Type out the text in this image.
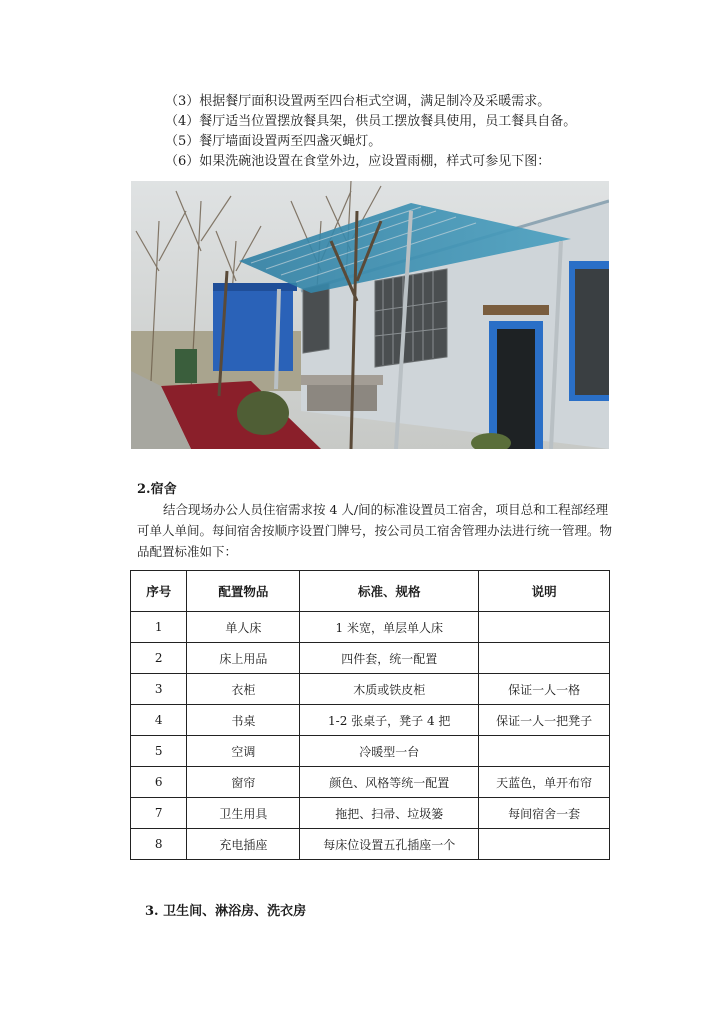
（3）根据餐厅面积设置两至四台柜式空调，满足制冷及采暖需求。
（4）餐厅适当位置摆放餐具架，供员工摆放餐具使用，员工餐具自备。
（5）餐厅墙面设置两至四盏灭蝇灯。
（6）如果洗碗池设置在食堂外边，应设置雨棚，样式可参见下图：
2.宿舍
结合现场办公人员住宿需求按 4 人/间的标准设置员工宿舍，项目总和工程部经理
可单人单间。每间宿舍按顺序设置门牌号，按公司员工宿舍管理办法进行统一管理。物
品配置标准如下：
序号	配置物品	标准、规格	说明
1	单人床	1 米宽，单层单人床	
2	床上用品	四件套，统一配置	
3	衣柜	木质或铁皮柜	保证一人一格
4	书桌	1-2 张桌子，凳子 4 把	保证一人一把凳子
5	空调	冷暖型一台	
6	窗帘	颜色、风格等统一配置	天蓝色，单开布帘
7	卫生用具	拖把、扫帚、垃圾篓	每间宿舍一套
8	充电插座	每床位设置五孔插座一个	
3. 卫生间、淋浴房、洗衣房
